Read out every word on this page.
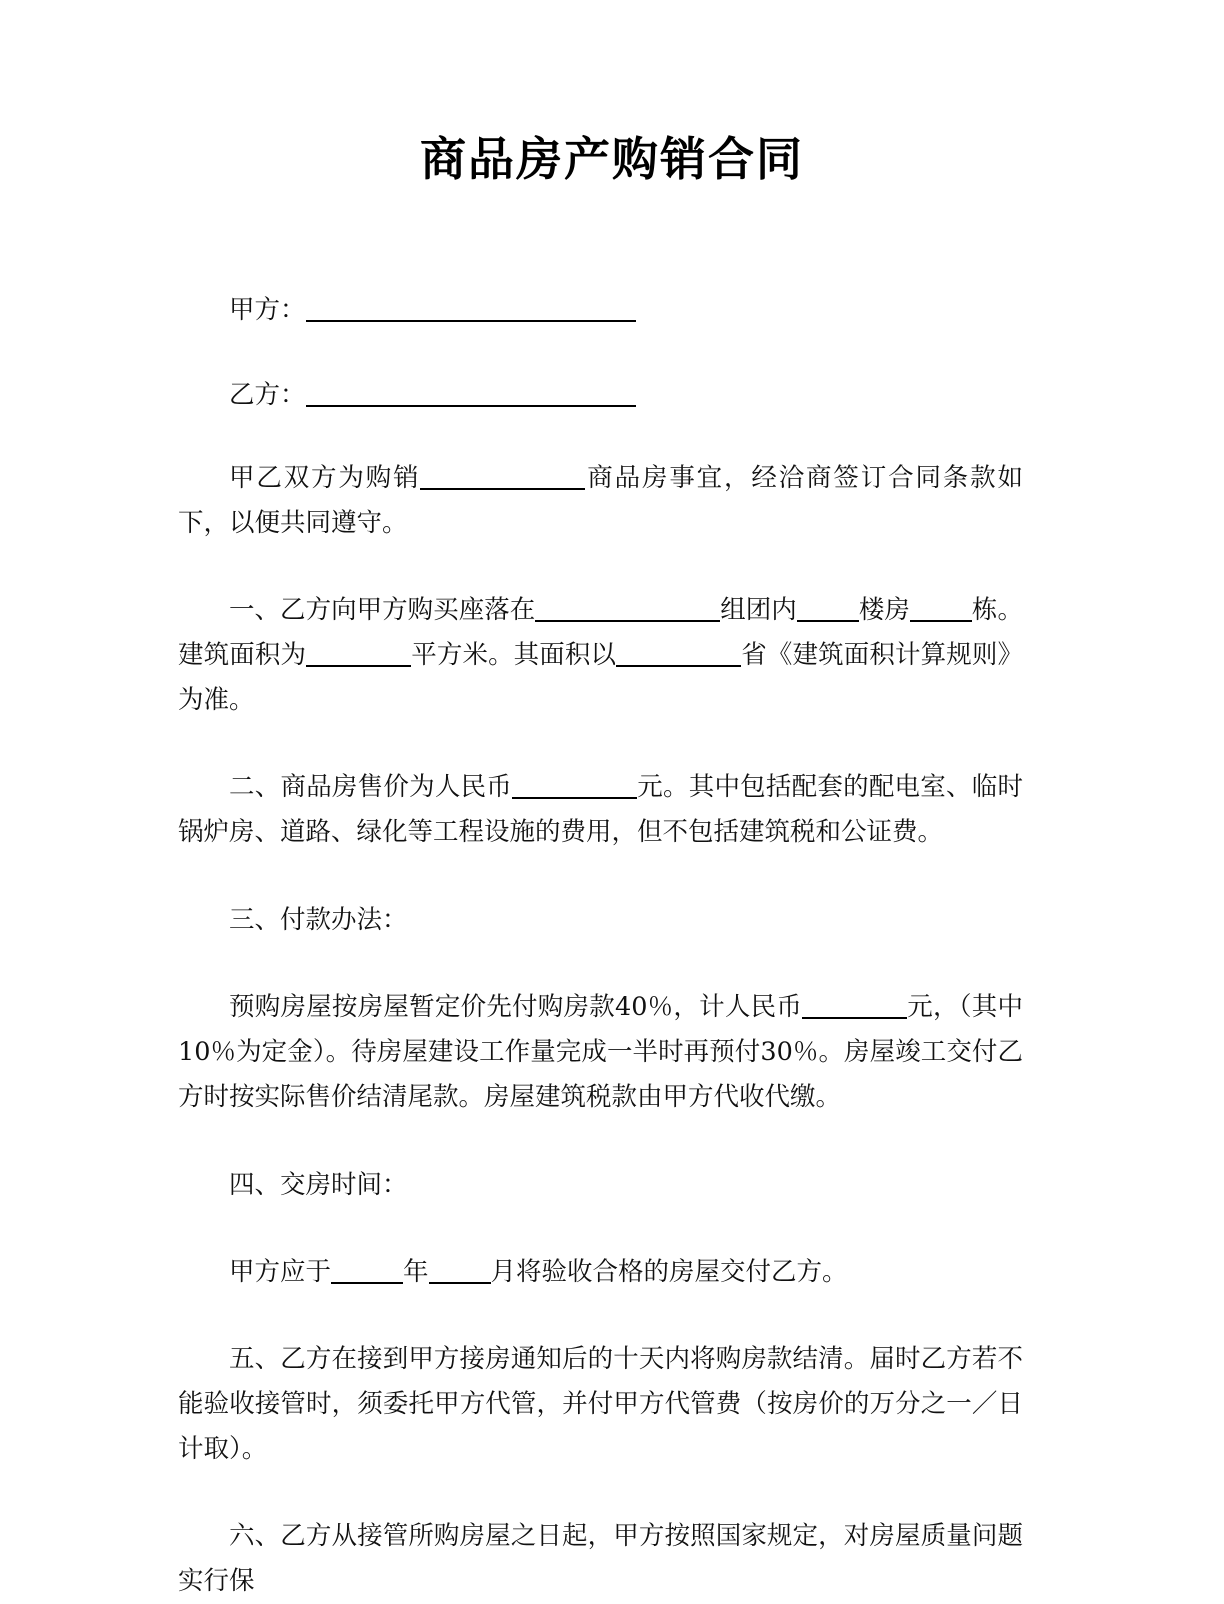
商品房产购销合同

甲方：

乙方：

甲乙双方为购销	商品房事宜，经洽商签订合同条款如下，以便共同遵守。

一、乙方向甲方购买座落在	组团内 楼房 栋。建筑面积为	平方米。其面积以	省《建筑面积计算规则》为准。

二、商品房售价为人民币	元。其中包括配套的配电室、临时锅炉房、道路、绿化等工程设施的费用，但不包括建筑税和公证费。

三、付款办法：

预购房屋按房屋暂定价先付购房款40％，计人民币	元，（其中10％为定金）。待房屋建设工作量完成一半时再预付30％。房屋竣工交付乙方时按实际售价结清尾款。房屋建筑税款由甲方代收代缴。

四、交房时间：

甲方应于	年 月将验收合格的房屋交付乙方。

五、乙方在接到甲方接房通知后的十天内将购房款结清。届时乙方若不能验收接管时，须委托甲方代管，并付甲方代管费（按房价的万分之一／日计取）。

六、乙方从接管所购房屋之日起，甲方按照国家规定，对房屋质量问题实行保
